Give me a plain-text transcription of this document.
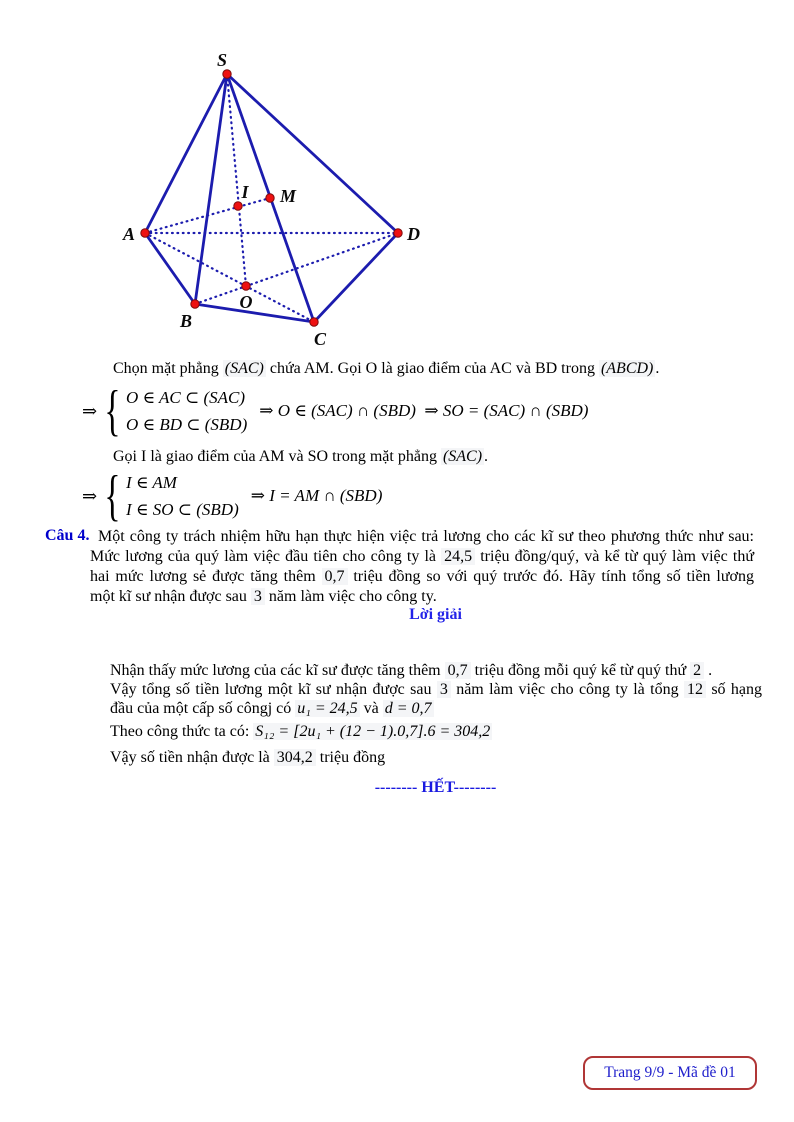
S
A
B
C
D
I M
O
Chọn mặt phẳng (SAC) chứa AM. Gọi O là giao điểm của AC và BD trong (ABCD) .
⇒ { O ∈ AC ⊂ (SAC)
O ∈ BD ⊂ (SBD)
⇒ O ∈ (SAC) ∩ (SBD)  ⇒ SO = (SAC) ∩ (SBD)
Gọi I là giao điểm của AM và SO trong mặt phẳng (SAC) .
⇒ { I ∈ AM
I ∈ SO ⊂ (SBD)
⇒ I = AM ∩ (SBD)
Câu 4. Một công ty trách nhiệm hữu hạn thực hiện việc trả lương cho các kĩ sư theo phương thức như sau:
Mức lương của quý làm việc đầu tiên cho công ty là 24,5 triệu đồng/quý, và kể từ quý làm việc thứ
hai mức lương sẻ được tăng thêm 0,7 triệu đồng so với quý trước đó. Hãy tính tổng số tiền lương
một kĩ sư nhận được sau 3 năm làm việc cho công ty.
Lời giải
Nhận thấy mức lương của các kĩ sư được tăng thêm 0,7 triệu đồng mỗi quý kể từ quý thứ 2 .
Vậy tổng số tiền lương một kĩ sư nhận được sau 3 năm làm việc cho công ty là tổng 12 số hạng
đầu của một cấp số côngj có u₁ = 24,5 và d = 0,7
Theo công thức ta có: S₁₂ = [2u₁ + (12 − 1).0,7].6 = 304,2
Vậy số tiền nhận được là 304,2 triệu đồng
-------- HẾT--------
Trang 9/9 - Mã đề 01
